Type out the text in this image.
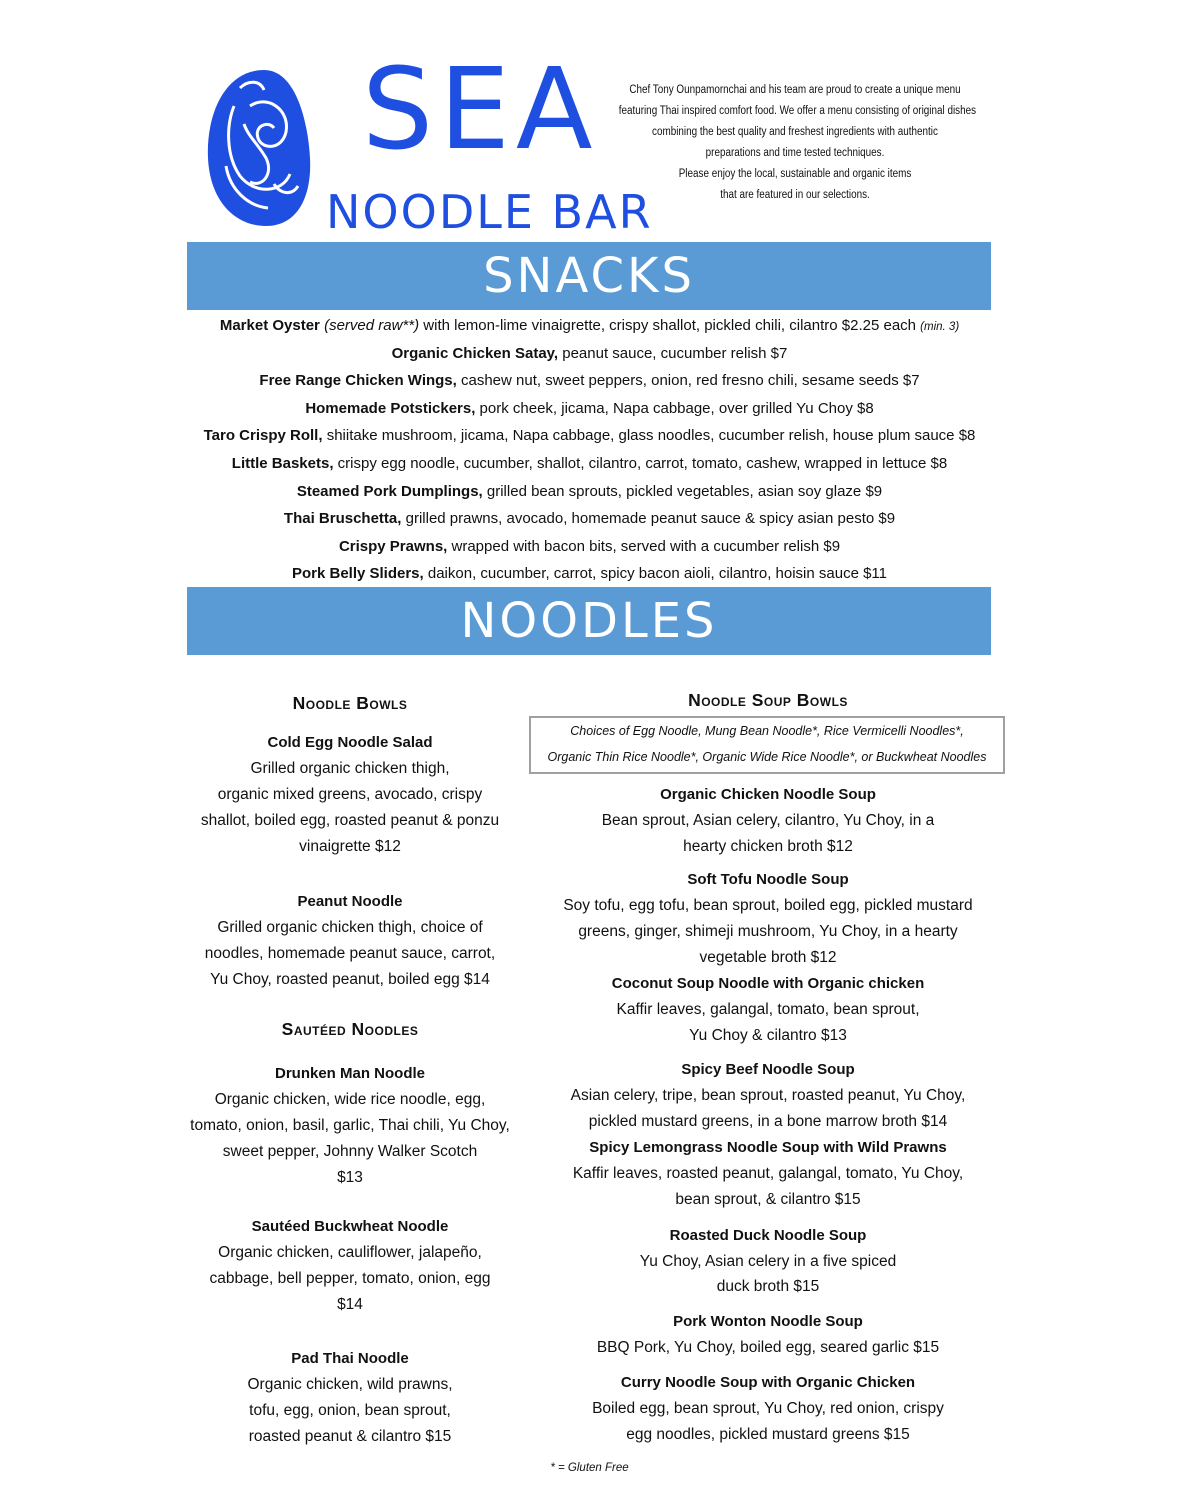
SEA
NOODLE BAR
Chef Tony Ounpamornchai and his team are proud to create a unique menu
featuring Thai inspired comfort food. We offer a menu consisting of original dishes
combining the best quality and freshest ingredients with authentic
preparations and time tested techniques.
Please enjoy the local, sustainable and organic items
that are featured in our selections.
SNACKS
Market Oyster (served raw**) with lemon-lime vinaigrette, crispy shallot, pickled chili, cilantro $2.25 each (min. 3)
Organic Chicken Satay, peanut sauce, cucumber relish $7
Free Range Chicken Wings, cashew nut, sweet peppers, onion, red fresno chili, sesame seeds $7
Homemade Potstickers, pork cheek, jicama, Napa cabbage, over grilled Yu Choy $8
Taro Crispy Roll, shiitake mushroom, jicama, Napa cabbage, glass noodles, cucumber relish, house plum sauce $8
Little Baskets, crispy egg noodle, cucumber, shallot, cilantro, carrot, tomato, cashew, wrapped in lettuce $8
Steamed Pork Dumplings, grilled bean sprouts, pickled vegetables, asian soy glaze $9
Thai Bruschetta, grilled prawns, avocado, homemade peanut sauce & spicy asian pesto $9
Crispy Prawns, wrapped with bacon bits, served with a cucumber relish $9
Pork Belly Sliders, daikon, cucumber, carrot, spicy bacon aioli, cilantro, hoisin sauce $11
NOODLES
Noodle Bowls
Cold Egg Noodle Salad
Grilled organic chicken thigh,
organic mixed greens, avocado, crispy
shallot, boiled egg, roasted peanut & ponzu
vinaigrette $12
Peanut Noodle
Grilled organic chicken thigh, choice of
noodles, homemade peanut sauce, carrot,
Yu Choy, roasted peanut, boiled egg $14
Sautéed Noodles
Drunken Man Noodle
Organic chicken, wide rice noodle, egg,
tomato, onion, basil, garlic, Thai chili, Yu Choy,
sweet pepper, Johnny Walker Scotch
$13
Sautéed Buckwheat Noodle
Organic chicken, cauliflower, jalapeño,
cabbage, bell pepper, tomato, onion, egg
$14
Pad Thai Noodle
Organic chicken, wild prawns,
tofu, egg, onion, bean sprout,
roasted peanut & cilantro $15
Noodle Soup Bowls
Choices of Egg Noodle, Mung Bean Noodle*, Rice Vermicelli Noodles*,
Organic Thin Rice Noodle*, Organic Wide Rice Noodle*, or Buckwheat Noodles
Organic Chicken Noodle Soup
Bean sprout, Asian celery, cilantro, Yu Choy, in a
hearty chicken broth $12
Soft Tofu Noodle Soup
Soy tofu, egg tofu, bean sprout, boiled egg, pickled mustard
greens, ginger, shimeji mushroom, Yu Choy, in a hearty
vegetable broth $12
Coconut Soup Noodle with Organic chicken
Kaffir leaves, galangal, tomato, bean sprout,
Yu Choy & cilantro $13
Spicy Beef Noodle Soup
Asian celery, tripe, bean sprout, roasted peanut, Yu Choy,
pickled mustard greens, in a bone marrow broth $14
Spicy Lemongrass Noodle Soup with Wild Prawns
Kaffir leaves, roasted peanut, galangal, tomato, Yu Choy,
bean sprout, & cilantro $15
Roasted Duck Noodle Soup
Yu Choy, Asian celery in a five spiced
duck broth $15
Pork Wonton Noodle Soup
BBQ Pork, Yu Choy, boiled egg, seared garlic $15
Curry Noodle Soup with Organic Chicken
Boiled egg, bean sprout, Yu Choy, red onion, crispy
egg noodles, pickled mustard greens $15
* = Gluten Free
